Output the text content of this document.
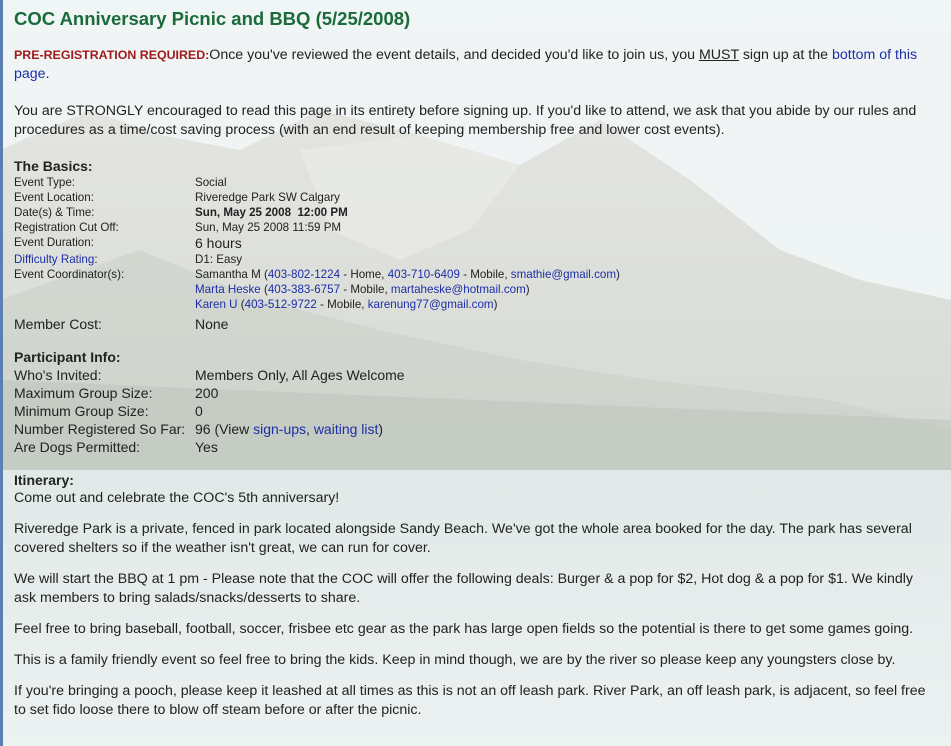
COC Anniversary Picnic and BBQ (5/25/2008)

PRE-REGISTRATION REQUIRED:Once you've reviewed the event details, and decided you'd like to join us, you MUST sign up at the bottom of this page.

You are STRONGLY encouraged to read this page in its entirety before signing up. If you'd like to attend, we ask that you abide by our rules and procedures as a time/cost saving process (with an end result of keeping membership free and lower cost events).

The Basics:
Event Type:	Social
Event Location:	Riveredge Park SW Calgary
Date(s) & Time:	Sun, May 25 2008  12:00 PM
Registration Cut Off:	Sun, May 25 2008 11:59 PM
Event Duration:	6 hours
Difficulty Rating:	D1: Easy
Event Coordinator(s):	Samantha M (403-802-1224 - Home, 403-710-6409 - Mobile, smathie@gmail.com)
Marta Heske (403-383-6757 - Mobile, martaheske@hotmail.com)
Karen U (403-512-9722 - Mobile, karenung77@gmail.com)

Member Cost:	None
Participant Info:
Who's Invited:	Members Only, All Ages Welcome
Maximum Group Size:	200
Minimum Group Size:	0
Number Registered So Far:	96 (View sign-ups, waiting list)
Are Dogs Permitted:	Yes
Itinerary:

Come out and celebrate the COC's 5th anniversary!

Riveredge Park is a private, fenced in park located alongside Sandy Beach. We've got the whole area booked for the day. The park has several covered shelters so if the weather isn't great, we can run for cover.

We will start the BBQ at 1 pm - Please note that the COC will offer the following deals: Burger & a pop for $2, Hot dog & a pop for $1. We kindly ask members to bring salads/snacks/desserts to share.

Feel free to bring baseball, football, soccer, frisbee etc gear as the park has large open fields so the potential is there to get some games going.

This is a family friendly event so feel free to bring the kids. Keep in mind though, we are by the river so please keep any youngsters close by.

If you're bringing a pooch, please keep it leashed at all times as this is not an off leash park. River Park, an off leash park, is adjacent, so feel free to set fido loose there to blow off steam before or after the picnic.
